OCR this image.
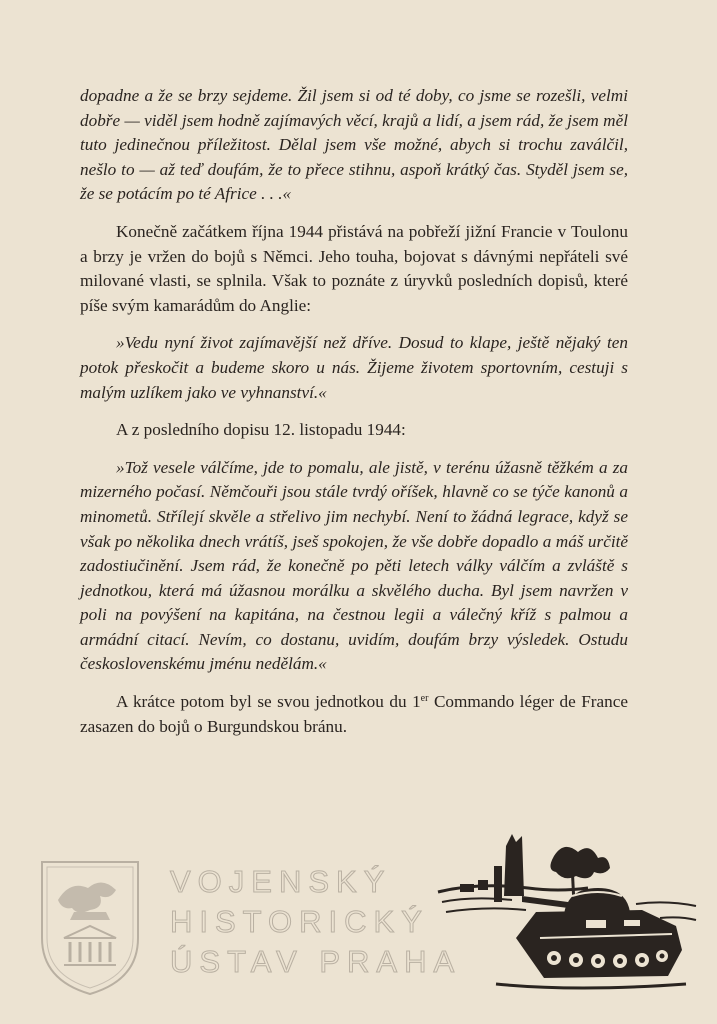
dopadne a že se brzy sejdeme. Žil jsem si od té doby, co jsme se rozešli, velmi dobře — viděl jsem hodně zajímavých věcí, krajů a lidí, a jsem rád, že jsem měl tuto jedinečnou příležitost. Dělal jsem vše možné, abych si trochu zaválčil, nešlo to — až teď doufám, že to přece stihnu, aspoň krátký čas. Styděl jsem se, že se potácím po té Africe . . .«

Konečně začátkem října 1944 přistává na pobřeží jižní Francie v Toulonu a brzy je vržen do bojů s Němci. Jeho touha, bojovat s dávnými nepřáteli své milované vlasti, se splnila. Však to poznáte z úryvků posledních dopisů, které píše svým kamarádům do Anglie:

»Vedu nyní život zajímavější než dříve. Dosud to klape, ještě nějaký ten potok přeskočit a budeme skoro u nás. Žijeme životem sportovním, cestuji s malým uzlíkem jako ve vyhnanství.«

A z posledního dopisu 12. listopadu 1944:

»Tož vesele válčíme, jde to pomalu, ale jistě, v terénu úžasně těžkém a za mizerného počasí. Němčouři jsou stále tvrdý oříšek, hlavně co se týče kanonů a minometů. Střílejí skvěle a střelivo jim nechybí. Není to žádná legrace, když se však po několika dnech vrátíš, jseš spokojen, že vše dobře dopadlo a máš určitě zadostiučinění. Jsem rád, že konečně po pěti letech války válčím a zvláště s jednotkou, která má úžasnou morálku a skvělého ducha. Byl jsem navržen v poli na povýšení na kapitána, na čestnou legii a válečný kříž s palmou a armádní citací. Nevím, co dostanu, uvidím, doufám brzy výsledek. Ostudu československému jménu nedělám.«

A krátce potom byl se svou jednotkou du 1er Commando léger de France zasazen do bojů o Burgundskou bránu.

VOJENSKÝ
HISTORICKÝ
ÚSTAV PRAHA
